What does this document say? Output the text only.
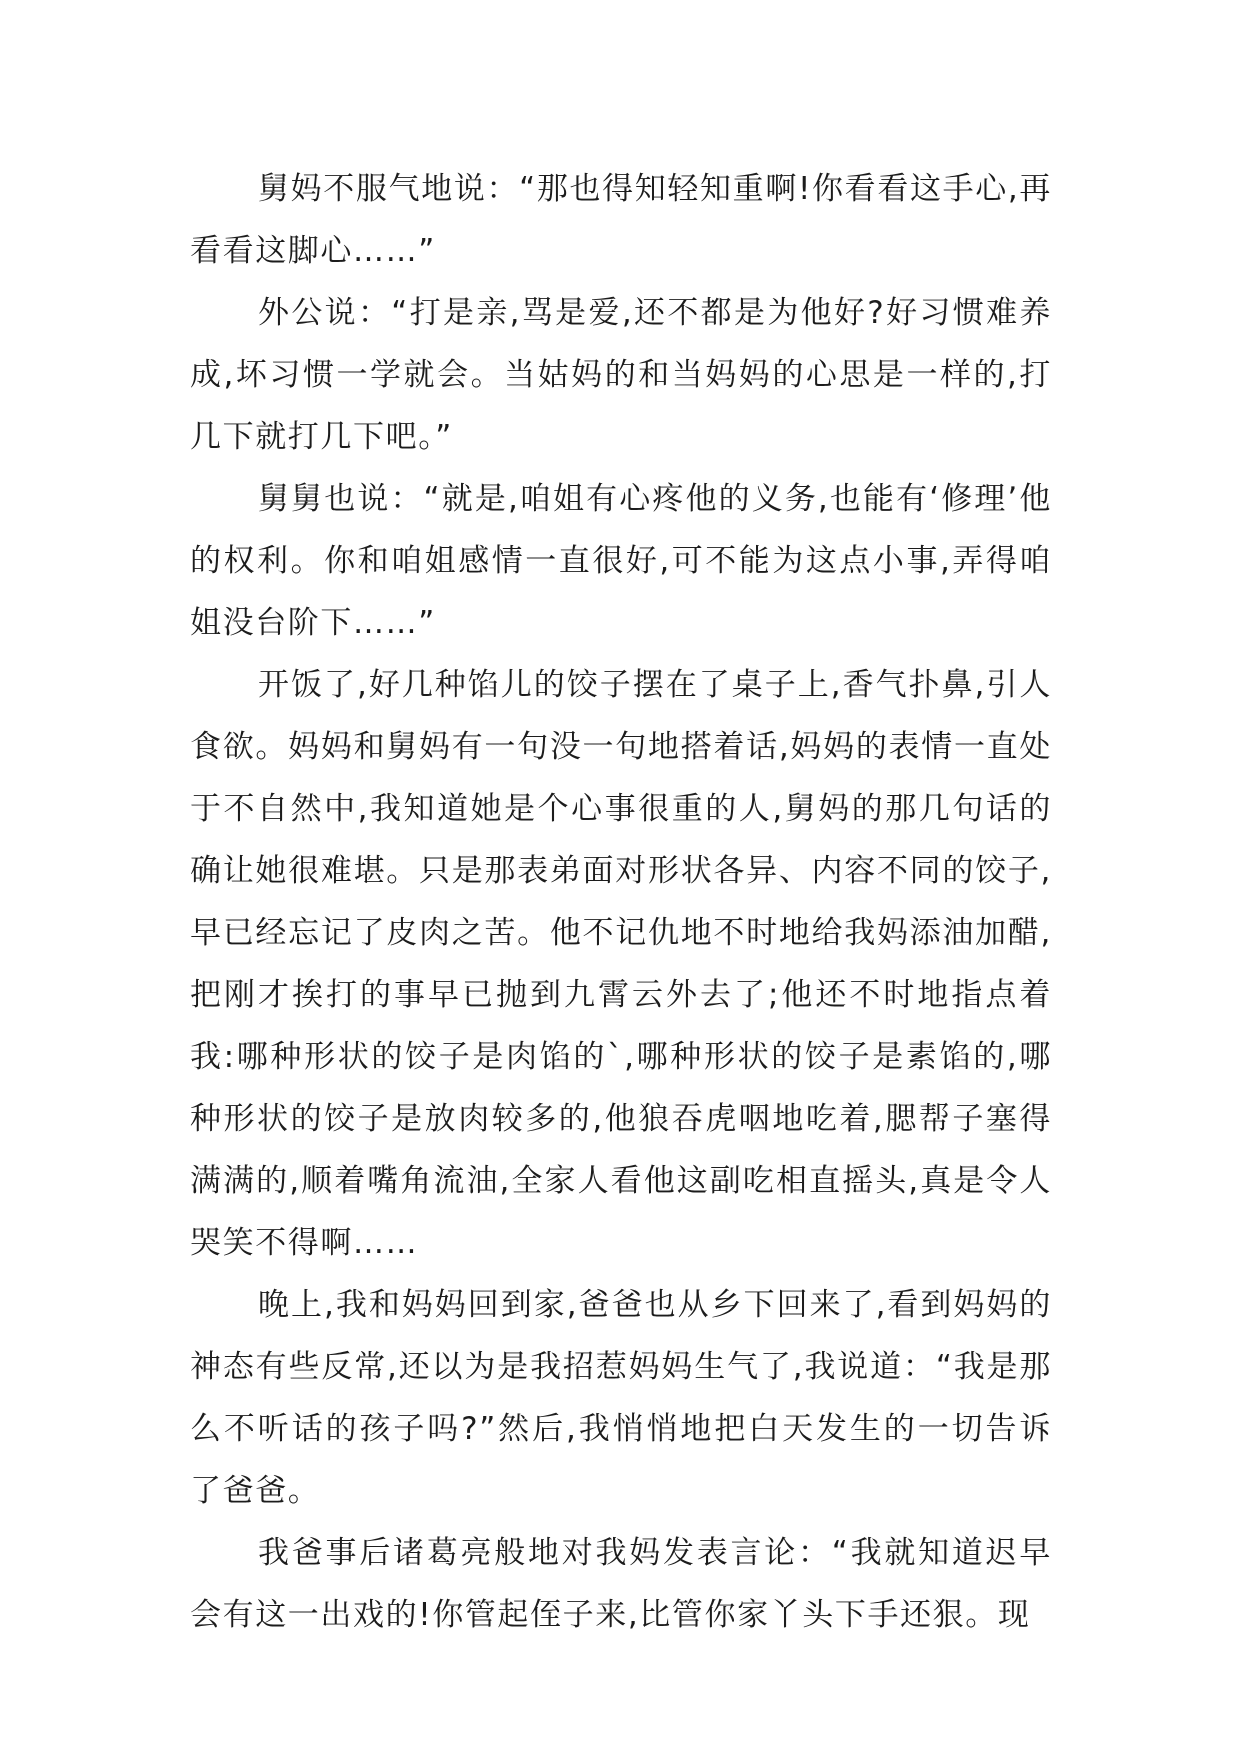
舅妈不服气地说：“那也得知轻知重啊!你看看这手心,再看看这脚心……”

外公说：“打是亲,骂是爱,还不都是为他好?好习惯难养成,坏习惯一学就会。当姑妈的和当妈妈的心思是一样的,打几下就打几下吧。”

舅舅也说：“就是,咱姐有心疼他的义务,也能有‘修理’他的权利。你和咱姐感情一直很好,可不能为这点小事,弄得咱姐没台阶下……”

开饭了,好几种馅儿的饺子摆在了桌子上,香气扑鼻,引人食欲。妈妈和舅妈有一句没一句地搭着话,妈妈的表情一直处于不自然中,我知道她是个心事很重的人,舅妈的那几句话的确让她很难堪。只是那表弟面对形状各异、内容不同的饺子,早已经忘记了皮肉之苦。他不记仇地不时地给我妈添油加醋,把刚才挨打的事早已抛到九霄云外去了;他还不时地指点着我:哪种形状的饺子是肉馅的`,哪种形状的饺子是素馅的,哪种形状的饺子是放肉较多的,他狼吞虎咽地吃着,腮帮子塞得满满的,顺着嘴角流油,全家人看他这副吃相直摇头,真是令人哭笑不得啊……

晚上,我和妈妈回到家,爸爸也从乡下回来了,看到妈妈的神态有些反常,还以为是我招惹妈妈生气了,我说道：“我是那么不听话的孩子吗?”然后,我悄悄地把白天发生的一切告诉了爸爸。

我爸事后诸葛亮般地对我妈发表言论：“我就知道迟早会有这一出戏的!你管起侄子来,比管你家丫头下手还狠。现
